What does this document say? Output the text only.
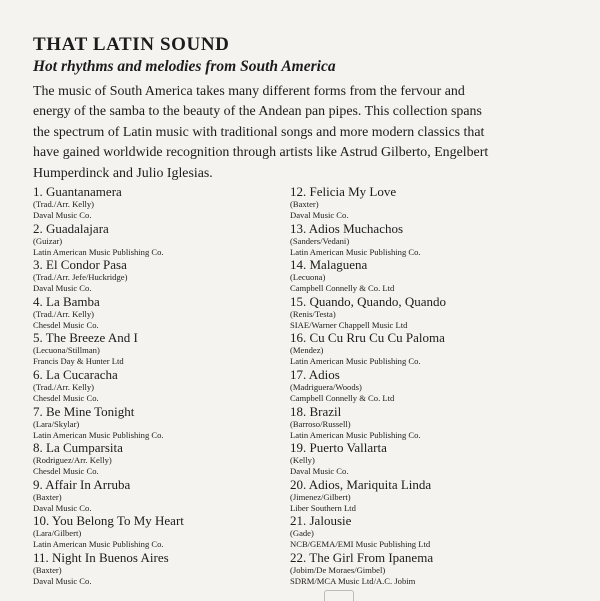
THAT LATIN SOUND
Hot rhythms and melodies from South America

The music of South America takes many different forms from the fervour and
energy of the samba to the beauty of the Andean pan pipes. This collection spans
the spectrum of Latin music with traditional songs and more modern classics that
have gained worldwide recognition through artists like Astrud Gilberto, Engelbert
Humperdinck and Julio Iglesias.

1. Guantanamera
(Trad./Arr. Kelly)
Daval Music Co.
2. Guadalajara
(Guizar)
Latin American Music Publishing Co.
3. El Condor Pasa
(Trad./Arr. Jefe/Huckridge)
Daval Music Co.
4. La Bamba
(Trad./Arr. Kelly)
Chesdel Music Co.
5. The Breeze And I
(Lecuona/Stillman)
Francis Day & Hunter Ltd
6. La Cucaracha
(Trad./Arr. Kelly)
Chesdel Music Co.
7. Be Mine Tonight
(Lara/Skylar)
Latin American Music Publishing Co.
8. La Cumparsita
(Rodriguez/Arr. Kelly)
Chesdel Music Co.
9. Affair In Arruba
(Baxter)
Daval Music Co.
10. You Belong To My Heart
(Lara/Gilbert)
Latin American Music Publishing Co.
11. Night In Buenos Aires
(Baxter)
Daval Music Co.
12. Felicia My Love
(Baxter)
Daval Music Co.
13. Adios Muchachos
(Sanders/Vedani)
Latin American Music Publishing Co.
14. Malaguena
(Lecuona)
Campbell Connelly & Co. Ltd
15. Quando, Quando, Quando
(Renis/Testa)
SIAE/Warner Chappell Music Ltd
16. Cu Cu Rru Cu Cu Paloma
(Mendez)
Latin American Music Publishing Co.
17. Adios
(Madriguera/Woods)
Campbell Connelly & Co. Ltd
18. Brazil
(Barroso/Russell)
Latin American Music Publishing Co.
19. Puerto Vallarta
(Kelly)
Daval Music Co.
20. Adios, Mariquita Linda
(Jimenez/Gilbert)
Liber Southern Ltd
21. Jalousie
(Gade)
NCB/GEMA/EMI Music Publishing Ltd
22. The Girl From Ipanema
(Jobim/De Moraes/Gimbel)
SDRM/MCA Music Ltd/A.C. Jobim
